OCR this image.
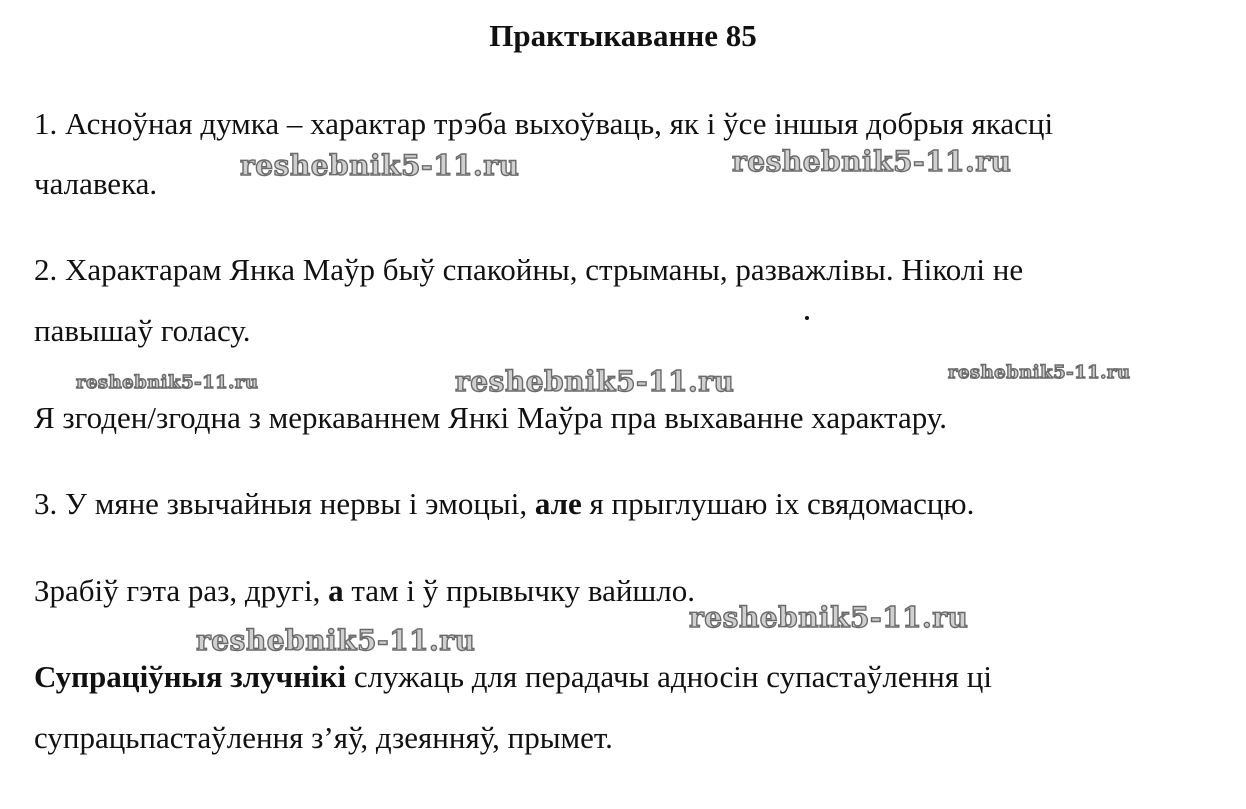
Практыкаванне 85
1. Асноўная думка – характар трэба выхоўваць, як і ўсе іншыя добрыя якасці
чалавека.
2. Характарам Янка Маўр быў спакойны, стрыманы, разважлівы. Ніколі не
павышаў голасу.
Я згоден/згодна з меркаваннем Янкі Маўра пра выхаванне характару.
3. У мяне звычайныя нервы і эмоцыі, але я прыглушаю іх свядомасцю.
Зрабіў гэта раз, другі, а там і ў прывычку вайшло.
Супраціўныя злучнікі служаць для перадачы адносін супастаўлення ці
супрацьпастаўлення з’яў, дзеянняў, прымет.
reshebnik5-11.ru	reshebnik5-11.ru
reshebnik5-11.ru	reshebnik5-11.ru	reshebnik5-11.ru
reshebnik5-11.ru
reshebnik5-11.ru
